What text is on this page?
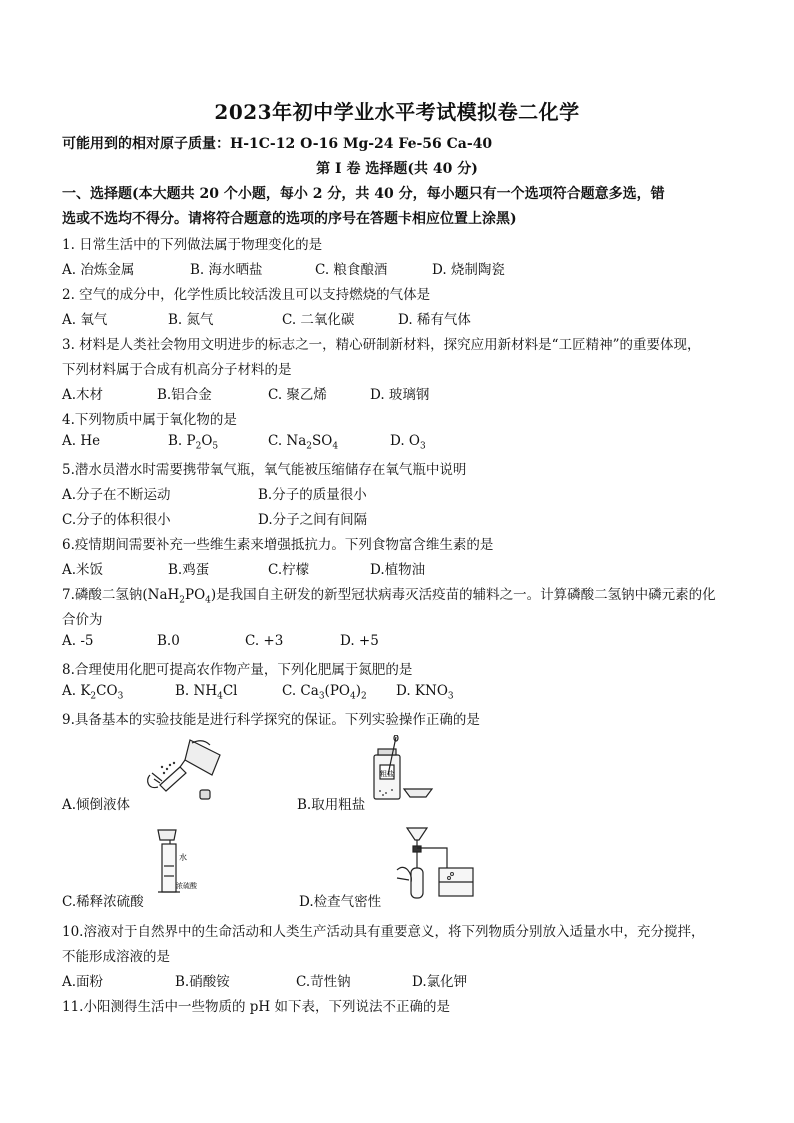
2023年初中学业水平考试模拟卷二化学
可能用到的相对原子质量：H-1C-12 O-16 Mg-24 Fe-56 Ca-40
第 I 卷 选择题(共 40 分)
一、选择题(本大题共 20 个小题，每小 2 分，共 40 分，每小题只有一个选项符合题意多选，错
选或不选均不得分。请将符合题意的选项的序号在答题卡相应位置上涂黑)
1. 日常生活中的下列做法属于物理变化的是
A. 冶炼金属	B. 海水晒盐	C. 粮食酿酒	D. 烧制陶瓷
2. 空气的成分中，化学性质比较活泼且可以支持燃烧的气体是
A. 氧气	B. 氮气	C. 二氧化碳	D. 稀有气体
3. 材料是人类社会物用文明进步的标志之一，精心研制新材料，探究应用新材料是“工匠精神”的重要体现，
下列材料属于合成有机高分子材料的是
A.木材	B.铝合金	C. 聚乙烯	D. 玻璃钢
4.下列物质中属于氧化物的是
A. He	B. $P_2O_5$	C. $Na_2SO_4$	D. $O_3$
5.潜水员潜水时需要携带氧气瓶，氧气能被压缩储存在氧气瓶中说明
A.分子在不断运动	B.分子的质量很小
C.分子的体积很小	D.分子之间有间隔
6.疫情期间需要补充一些维生素来增强抵抗力。下列食物富含维生素的是
A.米饭	B.鸡蛋	C.柠檬	D.植物油
7.磷酸二氢钠$(NaH_2PO_4)$是我国自主研发的新型冠状病毒灭活疫苗的辅料之一。计算磷酸二氢钠中磷元素的化
合价为
A. -5	B.0	C. +3	D. +5
8.合理使用化肥可提高农作物产量，下列化肥属于氮肥的是
A. $K_2CO_3$	B. $NH_4Cl$	C. $Ca_3(PO_4)_2$ D. $KNO_3$
9.具备基本的实验技能是进行科学探究的保证。下列实验操作正确的是
A.倾倒液体
粗盐
B.取用粗盐
水
浓硫酸
C.稀释浓硫酸	D.检查气密性
10.溶液对于自然界中的生命活动和人类生产活动具有重要意义，将下列物质分别放入适量水中，充分搅拌，
不能形成溶液的是
A.面粉	B.硝酸铵	C.苛性钠	D.氯化钾
11.小阳测得生活中一些物质的 pH 如下表，下列说法不正确的是
